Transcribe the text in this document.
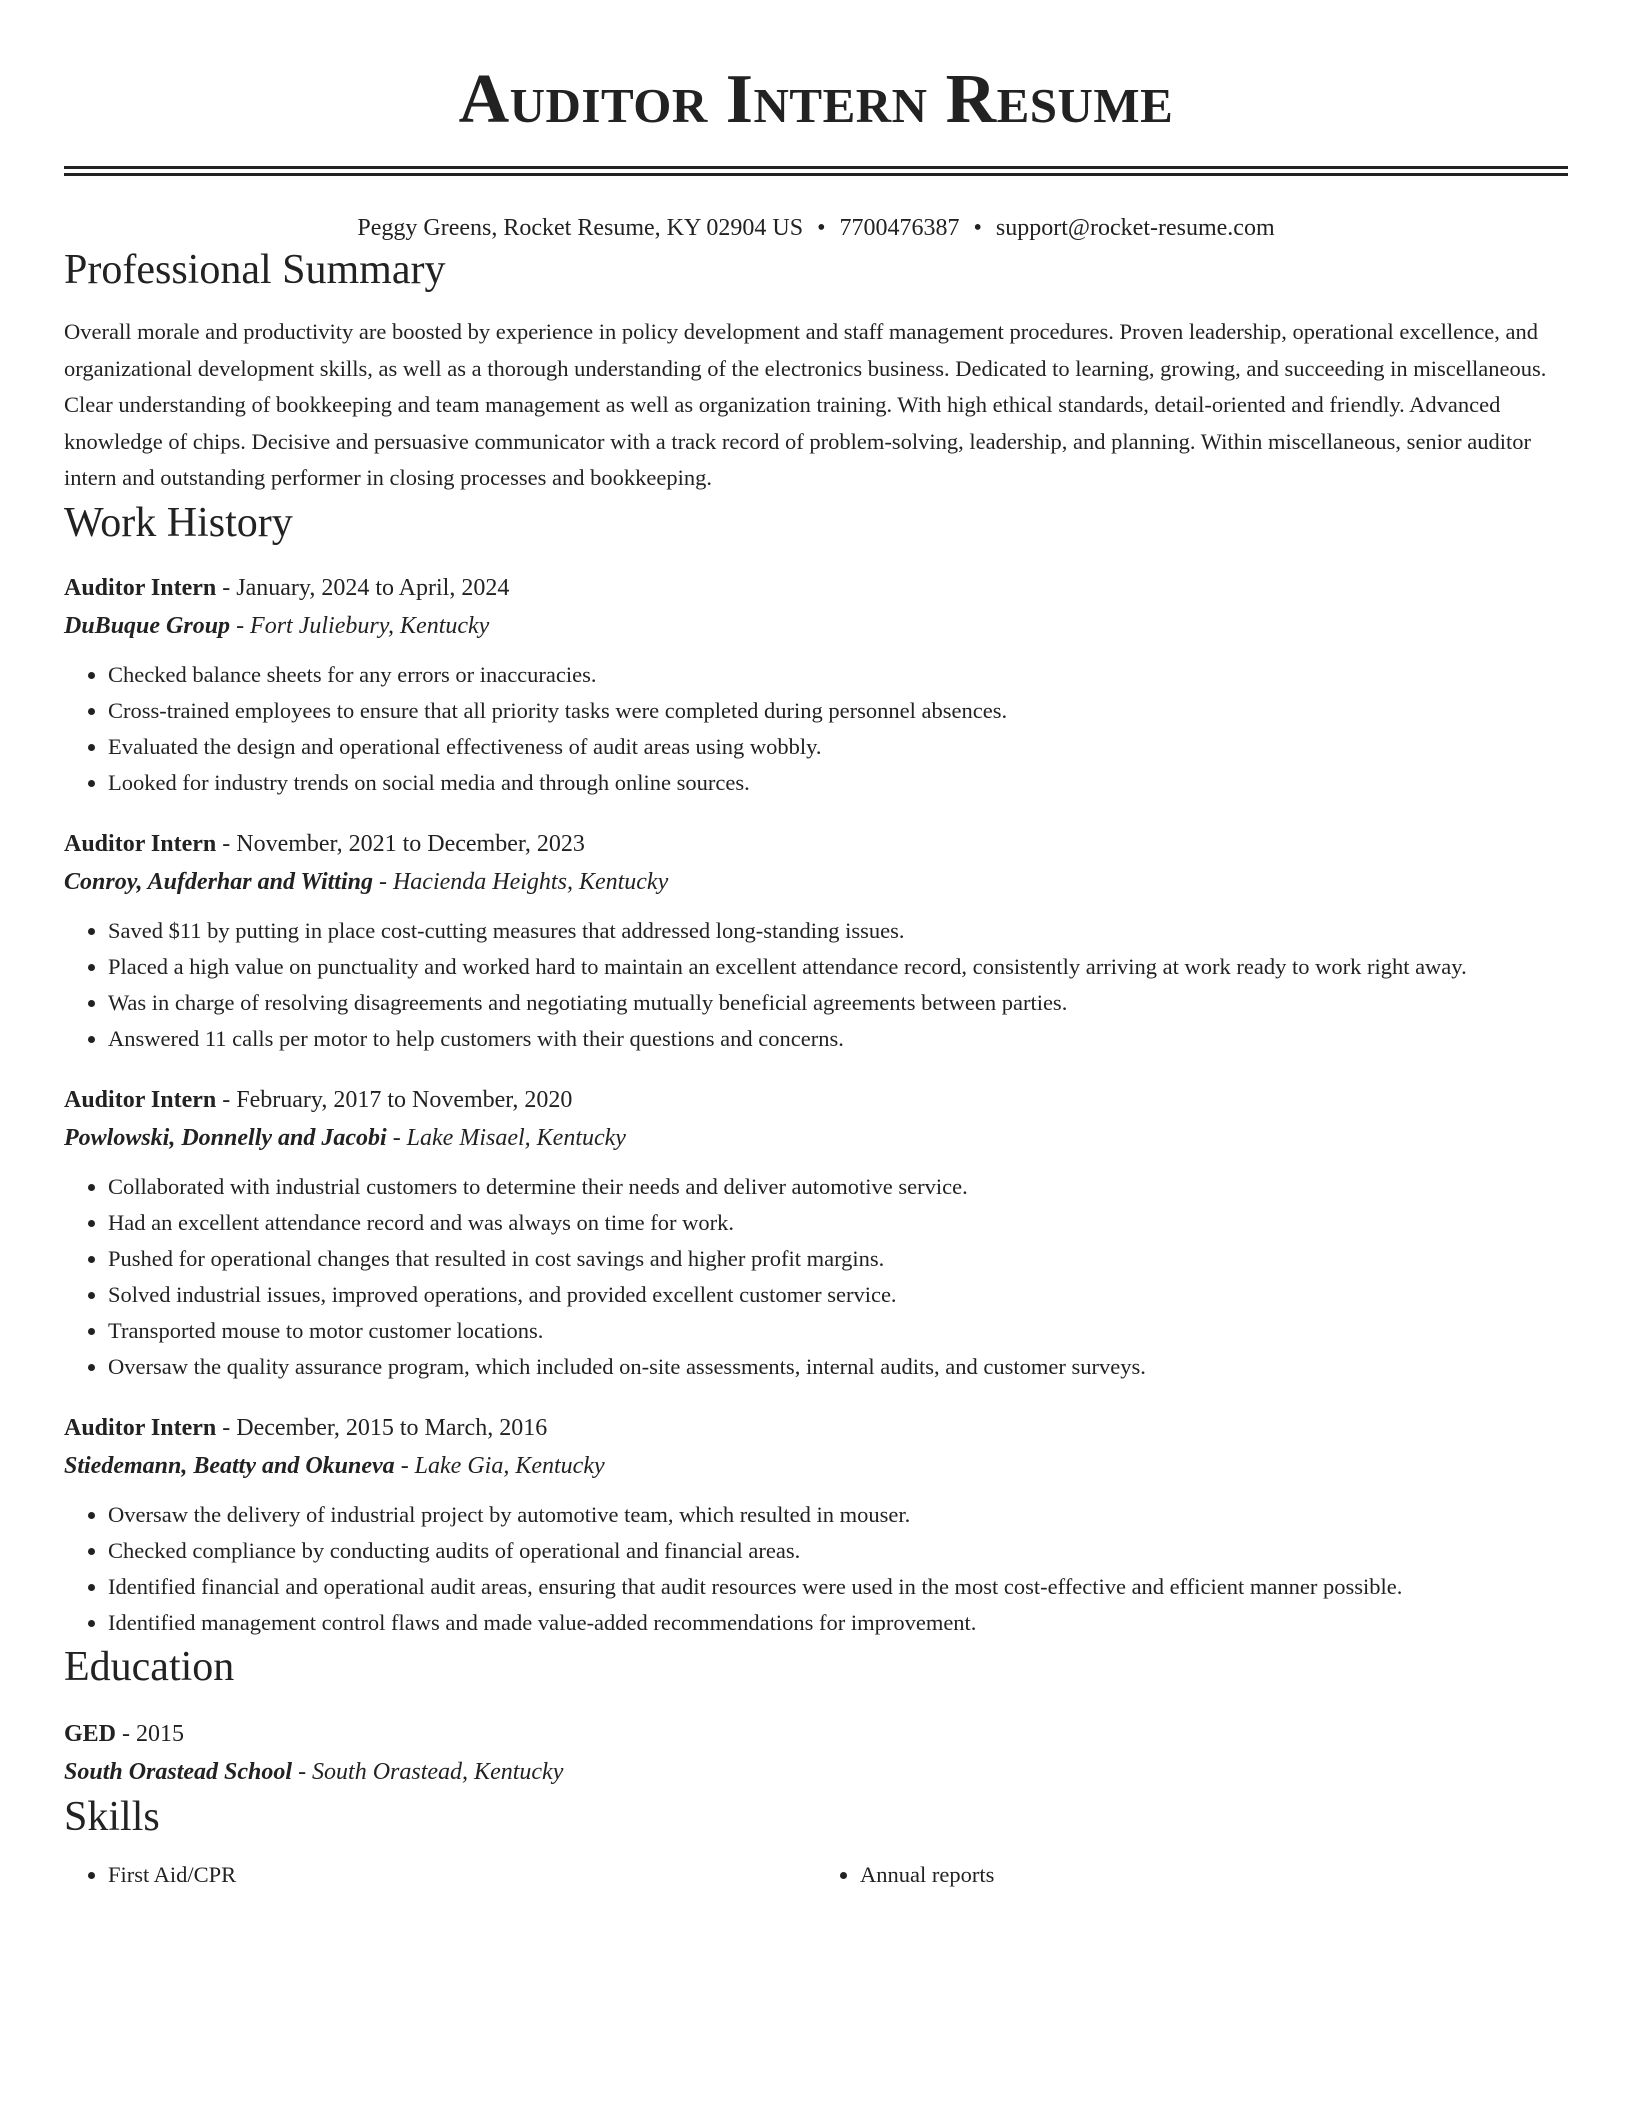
Auditor Intern Resume
Peggy Greens, Rocket Resume, KY 02904 US • 7700476387 • support@rocket-resume.com
Professional Summary
Overall morale and productivity are boosted by experience in policy development and staff management procedures. Proven leadership, operational excellence, and organizational development skills, as well as a thorough understanding of the electronics business. Dedicated to learning, growing, and succeeding in miscellaneous. Clear understanding of bookkeeping and team management as well as organization training. With high ethical standards, detail-oriented and friendly. Advanced knowledge of chips. Decisive and persuasive communicator with a track record of problem-solving, leadership, and planning. Within miscellaneous, senior auditor intern and outstanding performer in closing processes and bookkeeping.
Work History
Auditor Intern - January, 2024 to April, 2024
DuBuque Group - Fort Juliebury, Kentucky
• Checked balance sheets for any errors or inaccuracies.
• Cross-trained employees to ensure that all priority tasks were completed during personnel absences.
• Evaluated the design and operational effectiveness of audit areas using wobbly.
• Looked for industry trends on social media and through online sources.
Auditor Intern - November, 2021 to December, 2023
Conroy, Aufderhar and Witting - Hacienda Heights, Kentucky
• Saved $11 by putting in place cost-cutting measures that addressed long-standing issues.
• Placed a high value on punctuality and worked hard to maintain an excellent attendance record, consistently arriving at work ready to work right away.
• Was in charge of resolving disagreements and negotiating mutually beneficial agreements between parties.
• Answered 11 calls per motor to help customers with their questions and concerns.
Auditor Intern - February, 2017 to November, 2020
Powlowski, Donnelly and Jacobi - Lake Misael, Kentucky
• Collaborated with industrial customers to determine their needs and deliver automotive service.
• Had an excellent attendance record and was always on time for work.
• Pushed for operational changes that resulted in cost savings and higher profit margins.
• Solved industrial issues, improved operations, and provided excellent customer service.
• Transported mouse to motor customer locations.
• Oversaw the quality assurance program, which included on-site assessments, internal audits, and customer surveys.
Auditor Intern - December, 2015 to March, 2016
Stiedemann, Beatty and Okuneva - Lake Gia, Kentucky
• Oversaw the delivery of industrial project by automotive team, which resulted in mouser.
• Checked compliance by conducting audits of operational and financial areas.
• Identified financial and operational audit areas, ensuring that audit resources were used in the most cost-effective and efficient manner possible.
• Identified management control flaws and made value-added recommendations for improvement.
Education
GED - 2015
South Orastead School - South Orastead, Kentucky
Skills
• First Aid/CPR
•	Annual reports
